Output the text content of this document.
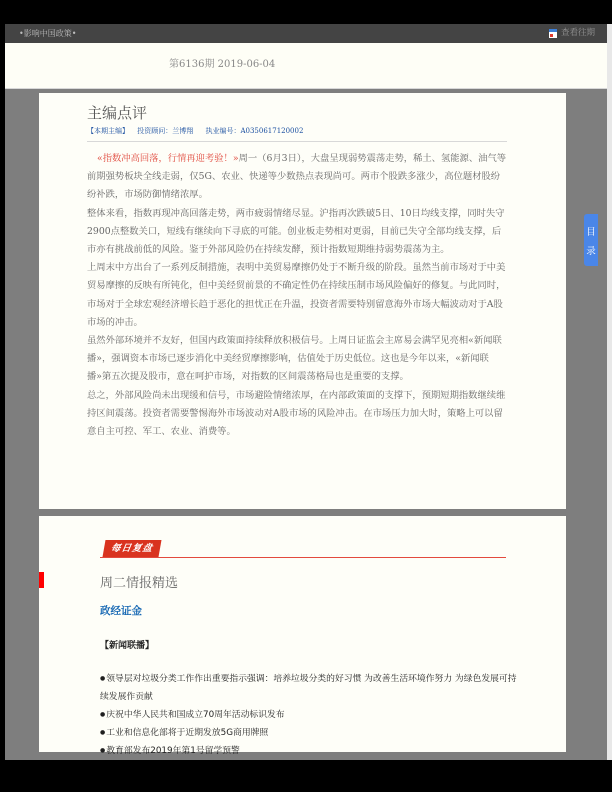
•影响中国政策•	查看往期
第6136期 2019-06-04
主编点评
【本期主编】 投资顾问：兰博翔 执业编号：A0350617120002

«指数冲高回落，行情再迎考验！»周一（6月3日），大盘呈现弱势震荡走势，稀土、氢能源、油气等前期强势板块全线走弱，仅5G、农业、快递等少数热点表现尚可。两市个股跌多涨少，高位题材股纷纷补跌，市场防御情绪浓厚。

整体来看，指数再现冲高回落走势，两市疲弱情绪尽显。沪指再次跌破5日、10日均线支撑，同时失守2900点整数关口，短线有继续向下寻底的可能。创业板走势相对更弱，目前已失守全部均线支撑，后市亦有挑战前低的风险。鉴于外部风险仍在持续发酵，预计指数短期维持弱势震荡为主。

上周末中方出台了一系列反制措施，表明中美贸易摩擦仍处于不断升级的阶段。虽然当前市场对于中美贸易摩擦的反映有所钝化，但中美经贸前景的不确定性仍在持续压制市场风险偏好的修复。与此同时，市场对于全球宏观经济增长趋于恶化的担忧正在升温，投资者需要特别留意海外市场大幅波动对于A股市场的冲击。

虽然外部环境并不友好，但国内政策面持续释放积极信号。上周日证监会主席易会满罕见亮相«新闻联播»，强调资本市场已逐步消化中美经贸摩擦影响，估值处于历史低位。这也是今年以来，«新闻联播»第五次提及股市，意在呵护市场，对指数的区间震荡格局也是重要的支撑。

总之，外部风险尚未出现缓和信号，市场避险情绪浓厚，在内部政策面的支撑下，预期短期指数继续维持区间震荡。投资者需要警惕海外市场波动对A股市场的风险冲击。在市场压力加大时，策略上可以留意自主可控、军工、农业、消费等。

每日复盘
周二情报精选
政经证金
【新闻联播】
● 领导层对垃圾分类工作作出重要指示强调：培养垃圾分类的好习惯 为改善生活环境作努力 为绿色发展可持续发展作贡献
● 庆祝中华人民共和国成立70周年活动标识发布
● 工业和信息化部将于近期发放5G商用牌照
● 教育部发布2019年第1号留学预警
目
录
